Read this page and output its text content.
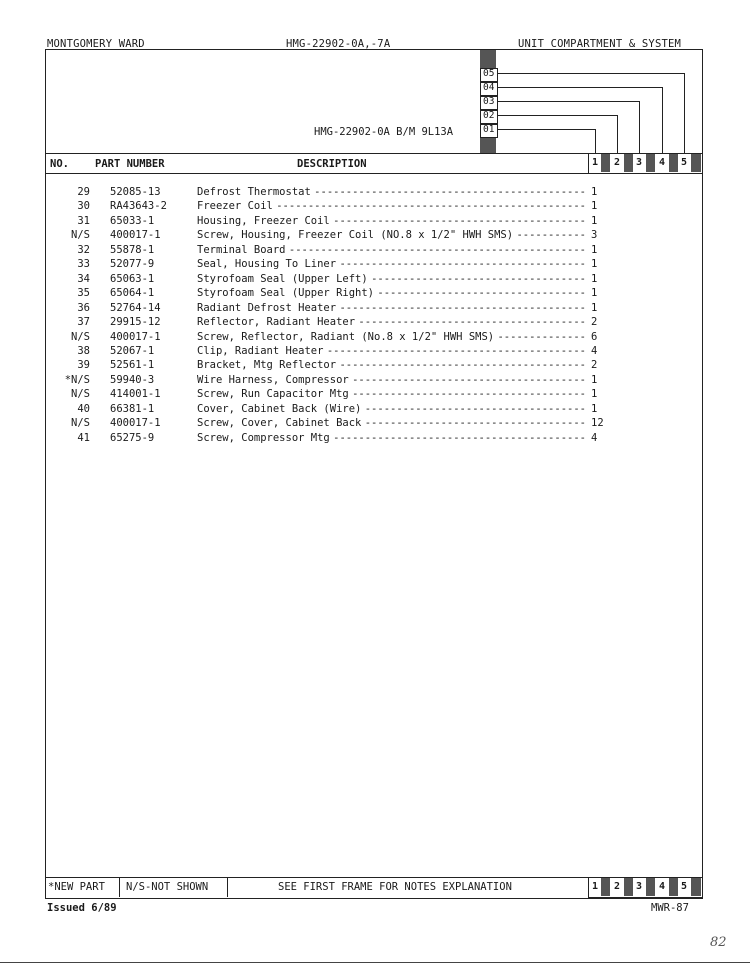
MONTGOMERY WARD	HMG-22902-0A,-7A	UNIT COMPARTMENT & SYSTEM
05
04
03
02
01
HMG-22902-0A B/M 9L13A
NO. PART NUMBER	DESCRIPTION	1 2 3 4 5
29 52085-13	Defrost Thermostat ------------------------------------------- 1
30 RA43643-2	Freezer Coil ------------------------------------------------- 1
31 65033-1	Housing, Freezer Coil ---------------------------------------- 1
N/S 400017-1	Screw, Housing, Freezer Coil (NO.8 x 1/2" HWH SMS) ----------- 3
32 55878-1	Terminal Board ----------------------------------------------- 1
33 52077-9	Seal, Housing To Liner --------------------------------------- 1
34 65063-1	Styrofoam Seal (Upper Left) ---------------------------------- 1
35 65064-1	Styrofoam Seal (Upper Right) --------------------------------- 1
36 52764-14	Radiant Defrost Heater --------------------------------------- 1
37 29915-12	Reflector, Radiant Heater ------------------------------------ 2
N/S 400017-1	Screw, Reflector, Radiant (No.8 x 1/2" HWH SMS) -------------- 6
38 52067-1	Clip, Radiant Heater ----------------------------------------- 4
39 52561-1	Bracket, Mtg Reflector --------------------------------------- 2
*N/S 59940-3	Wire Harness, Compressor ------------------------------------- 1
N/S 414001-1	Screw, Run Capacitor Mtg ------------------------------------- 1
40 66381-1	Cover, Cabinet Back (Wire) ----------------------------------- 1
N/S 400017-1	Screw, Cover, Cabinet Back ----------------------------------- 12
41 65275-9	Screw, Compressor Mtg ---------------------------------------- 4
*NEW PART N/S-NOT SHOWN	SEE FIRST FRAME FOR NOTES EXPLANATION	1 2 3 4 5
Issued 6/89	MWR-87
82
